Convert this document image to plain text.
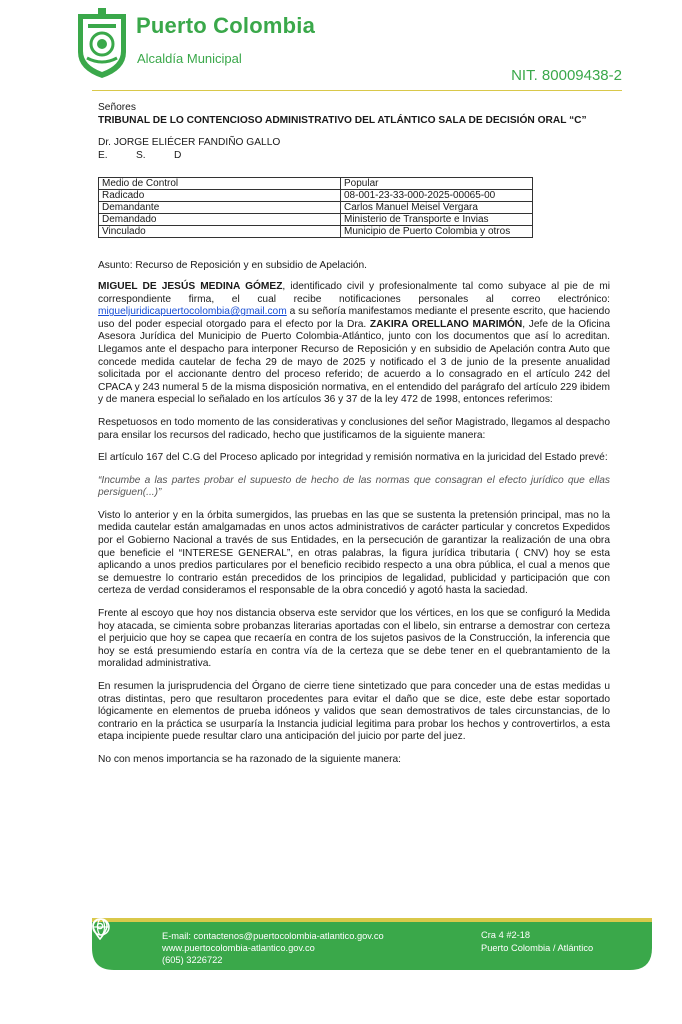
Puerto Colombia
Alcaldía Municipal
NIT. 80009438-2

Señores

TRIBUNAL DE LO CONTENCIOSO ADMINISTRATIVO DEL ATLÁNTICO SALA DE DECISIÓN ORAL “C”

Dr. JORGE ELIÉCER FANDIÑO GALLO

E.	S.	D

Medio de Control	Popular
Radicado	08-001-23-33-000-2025-00065-00
Demandante	Carlos Manuel Meisel Vergara
Demandado	Ministerio de Transporte e Invias
Vinculado	Municipio de Puerto Colombia y otros

Asunto: Recurso de Reposición y en subsidio de Apelación.

MIGUEL DE JESÚS MEDINA GÓMEZ, identificado civil y profesionalmente tal como subyace al pie de mi correspondiente firma, el cual recibe notificaciones personales al correo electrónico: migueljuridicapuertocolombia@gmail.com a su señoría manifestamos mediante el presente escrito, que haciendo uso del poder especial otorgado para el efecto por la Dra. ZAKIRA ORELLANO MARIMÓN, Jefe de la Oficina Asesora Jurídica del Municipio de Puerto Colombia-Atlántico, junto con los documentos que así lo acreditan. Llegamos ante el despacho para interponer Recurso de Reposición y en subsidio de Apelación contra Auto que concede medida cautelar de fecha 29 de mayo de 2025 y notificado el 3 de junio de la presente anualidad solicitada por el accionante dentro del proceso referido; de acuerdo a lo consagrado en el artículo 242 del CPACA y 243 numeral 5 de la misma disposición normativa, en el entendido del parágrafo del artículo 229 ibidem y de manera especial lo señalado en los artículos 36 y 37 de la ley 472 de 1998, entonces referimos:

Respetuosos en todo momento de las considerativas y conclusiones del señor Magistrado, llegamos al despacho para ensilar los recursos del radicado, hecho que justificamos de la siguiente manera:

El artículo 167 del C.G del Proceso aplicado por integridad y remisión normativa en la juricidad del Estado prevé:

“Incumbe a las partes probar el supuesto de hecho de las normas que consagran el efecto jurídico que ellas persiguen(...)”

Visto lo anterior y en la órbita sumergidos, las pruebas en las que se sustenta la pretensión principal, mas no la medida cautelar están amalgamadas en unos actos administrativos de carácter particular y concretos Expedidos por el Gobierno Nacional a través de sus Entidades, en la persecución de garantizar la realización de una obra que beneficie el “INTERESE GENERAL”, en otras palabras, la figura jurídica tributaria ( CNV) hoy se esta aplicando a unos predios particulares por el beneficio recibido respecto a una obra pública, el cual a menos que se demuestre lo contrario están precedidos de los principios de legalidad, publicidad y participación que con certeza de verdad consideramos el responsable de la obra concedió y agotó hasta la saciedad.

Frente al escoyo que hoy nos distancia observa este servidor que los vértices, en los que se configuró la Medida hoy atacada, se cimienta sobre probanzas literarias aportadas con el libelo, sin entrarse a demostrar con certeza el perjuicio que hoy se capea que recaería en contra de los sujetos pasivos de la Construcción, la inferencia que hoy se está presumiendo estaría en contra vía de la certeza que se debe tener en el quebrantamiento de la moralidad administrativa.

En resumen la jurisprudencia del Órgano de cierre tiene sintetizado que para conceder una de estas medidas u otras distintas, pero que resultaron procedentes para evitar el daño que se dice, este debe estar soportado lógicamente en elementos de prueba idóneos y validos que sean demostrativos de tales circunstancias, de lo contrario en la práctica se usurparía la Instancia judicial legitima para probar los hechos y controvertirlos, a esta etapa incipiente puede resultar claro una anticipación del juicio por parte del juez.

No con menos importancia se ha razonado de la siguiente manera:

E-mail: contactenos@puertocolombia-atlantico.gov.co
www.puertocolombia-atlantico.gov.co
(605) 3226722
Cra 4 #2-18
Puerto Colombia / Atlántico
